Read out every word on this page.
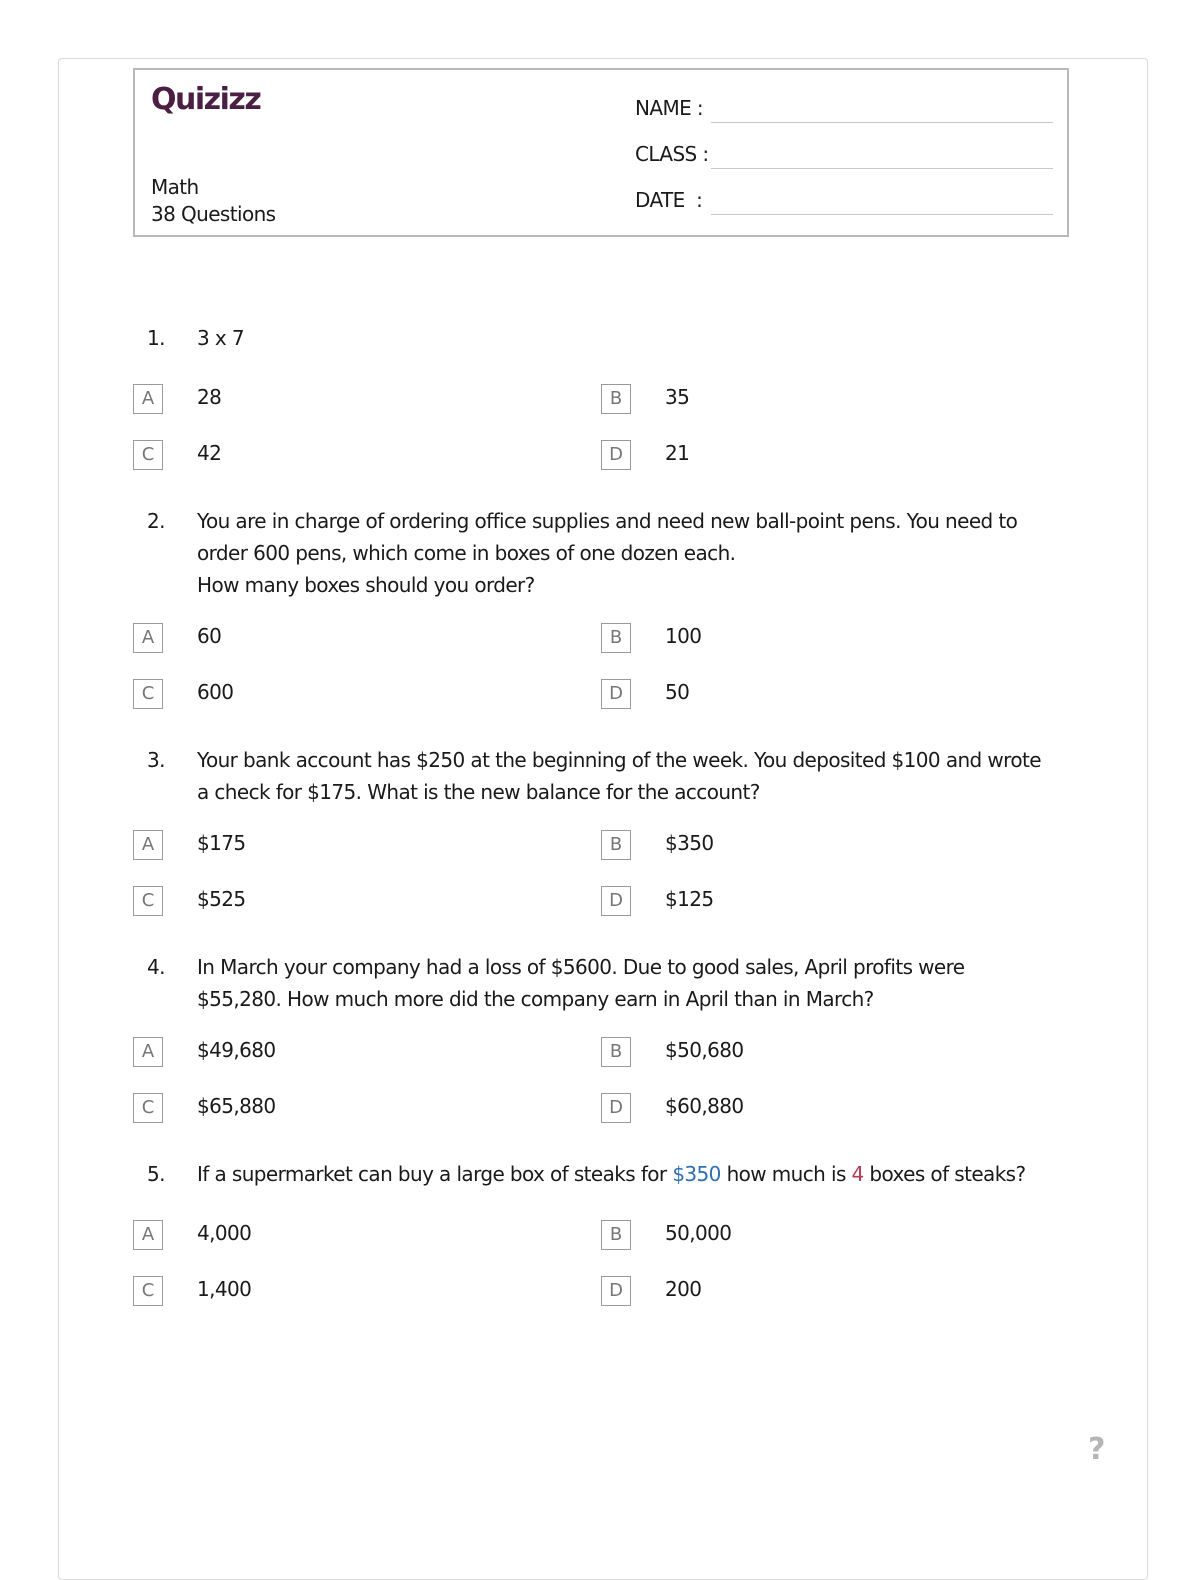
Quizizz
Math
38 Questions
NAME :
CLASS :
DATE  :
1. 3 x 7
A	28	B	35
C	42	D	21
2. You are in charge of ordering office supplies and need new ball-point pens. You need to
order 600 pens, which come in boxes of one dozen each.
How many boxes should you order?
A	60	B	100
C	600	D	50
3. Your bank account has $250 at the beginning of the week. You deposited $100 and wrote
a check for $175. What is the new balance for the account?
A	$175	B	$350
C	$525	D	$125
4. In March your company had a loss of $5600. Due to good sales, April profits were
$55,280. How much more did the company earn in April than in March?
A	$49,680	B	$50,680
C	$65,880	D	$60,880
5. If a supermarket can buy a large box of steaks for $350 how much is 4 boxes of steaks?
A	4,000	B	50,000
C	1,400	D	200
?
